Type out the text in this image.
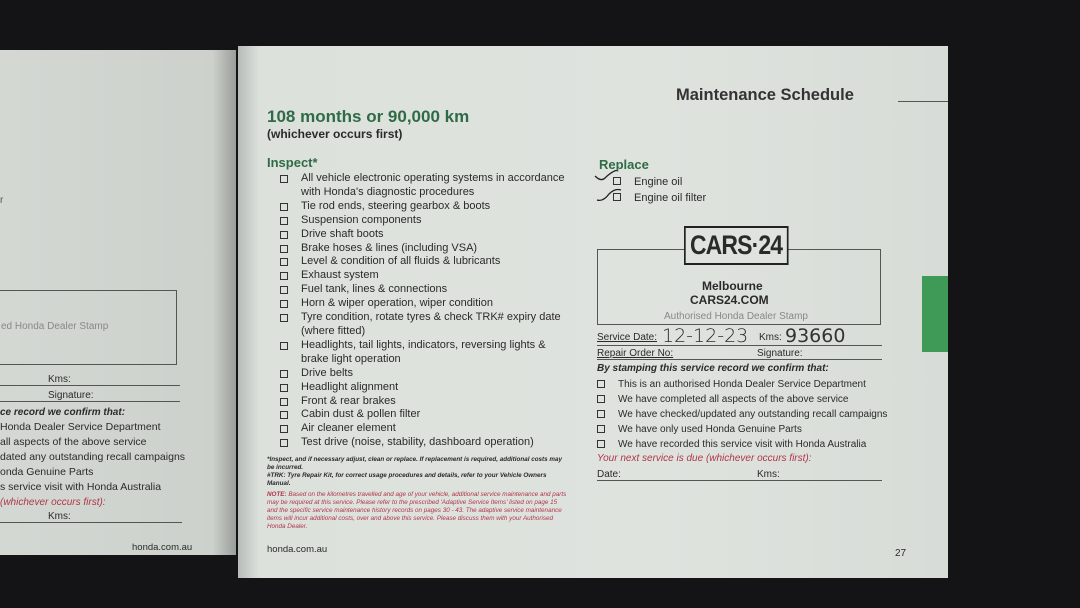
r
ed Honda Dealer Stamp
Kms:
Signature:
ce record we confirm that:
Honda Dealer Service Department
all aspects of the above service
dated any outstanding recall campaigns
onda Genuine Parts
s service visit with Honda Australia
(whichever occurs first):
Kms:
honda.com.au
Maintenance Schedule
108 months or 90,000 km
(whichever occurs first)
Inspect*
All vehicle electronic operating systems in accordance with Honda's diagnostic procedures
Tie rod ends, steering gearbox & boots
Suspension components
Drive shaft boots
Brake hoses & lines (including VSA)
Level & condition of all fluids & lubricants
Exhaust system
Fuel tank, lines & connections
Horn & wiper operation, wiper condition
Tyre condition, rotate tyres & check TRK# expiry date (where fitted)
Headlights, tail lights, indicators, reversing lights & brake light operation
Drive belts
Headlight alignment
Front & rear brakes
Cabin dust & pollen filter
Air cleaner element
Test drive (noise, stability, dashboard operation)
*Inspect, and if necessary adjust, clean or replace. If replacement is required, additional costs may be incurred.
#TRK: Tyre Repair Kit, for correct usage procedures and details, refer to your Vehicle Owners Manual.
NOTE: Based on the kilometres travelled and age of your vehicle, additional service maintenance and parts may be required at this service. Please refer to the prescribed 'Adaptive Service Items' listed on page 15 and the specific service maintenance history records on pages 30 - 43. The adaptive service maintenance items will incur additional costs, over and above this service. Please discuss them with your Authorised Honda Dealer.
honda.com.au
Replace
Engine oil
Engine oil filter
Authorised Honda Dealer Stamp
CARS·24
Melbourne
CARS24.COM
Service Date: 12-12-23 Kms: 93660
Repair Order No:	Signature:
By stamping this service record we confirm that:
This is an authorised Honda Dealer Service Department
We have completed all aspects of the above service
We have checked/updated any outstanding recall campaigns
We have only used Honda Genuine Parts
We have recorded this service visit with Honda Australia
Your next service is due (whichever occurs first):
Date:	Kms:
27
